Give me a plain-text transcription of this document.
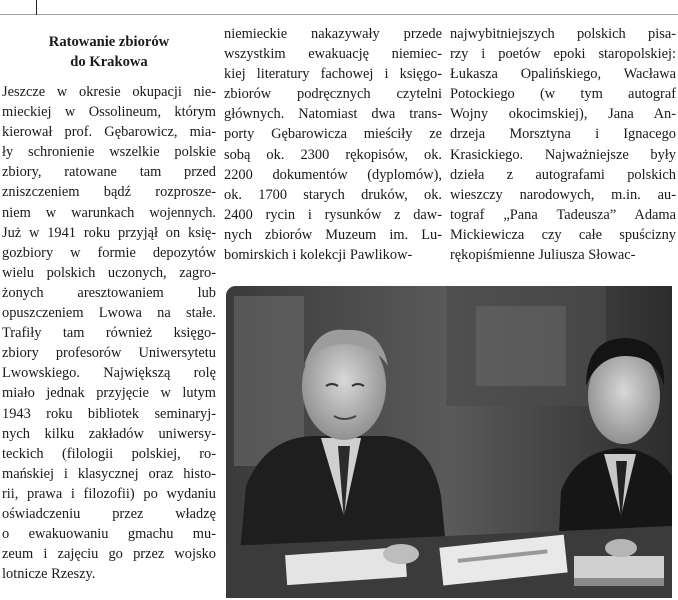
Ratowanie zbiorów
do Krakowa
Jeszcze w okresie okupacji nie-
mieckiej w Ossolineum, którym
kierował prof. Gębarowicz, mia-
ły schronienie wszelkie polskie
zbiory, ratowane tam przed
zniszczeniem bądź rozprosze-
niem w warunkach wojennych.
Już w 1941 roku przyjął on księ-
gozbiory w formie depozytów
wielu polskich uczonych, zagro-
żonych aresztowaniem lub
opuszczeniem Lwowa na stałe.
Trafiły tam również księgo-
zbiory profesorów Uniwersytetu
Lwowskiego. Największą rolę
miało jednak przyjęcie w lutym
1943 roku bibliotek seminaryj-
nych kilku zakładów uniwersy-
teckich (filologii polskiej, ro-
mańskiej i klasycznej oraz histo-
rii, prawa i filozofii) po wydaniu
oświadczeniu przez władzę
o ewakuowaniu gmachu mu-
zeum i zajęciu go przez wojsko
lotnicze Rzeszy.
niemieckie nakazywały przede
wszystkim ewakuację niemiec-
kiej literatury fachowej i księgo-
zbiorów podręcznych czytelni
głównych. Natomiast dwa trans-
porty Gębarowicza mieściły ze
sobą ok. 2300 rękopisów, ok.
2200 dokumentów (dyplomów),
ok. 1700 starych druków, ok.
2400 rycin i rysunków z daw-
nych zbiorów Muzeum im. Lu-
bomirskich i kolekcji Pawlikow-
najwybitniejszych polskich pisa-
rzy i poetów epoki staropolskiej:
Łukasza Opalińskiego, Wacława
Potockiego (w tym autograf
Wojny okocimskiej), Jana An-
drzeja Morsztyna i Ignacego
Krasickiego. Najważniejsze były
dzieła z autografami polskich
wieszczy narodowych, m.in. au-
tograf „Pana Tadeusza” Adama
Mickiewicza czy całe spuścizny
rękopiśmienne Juliusza Słowac-
